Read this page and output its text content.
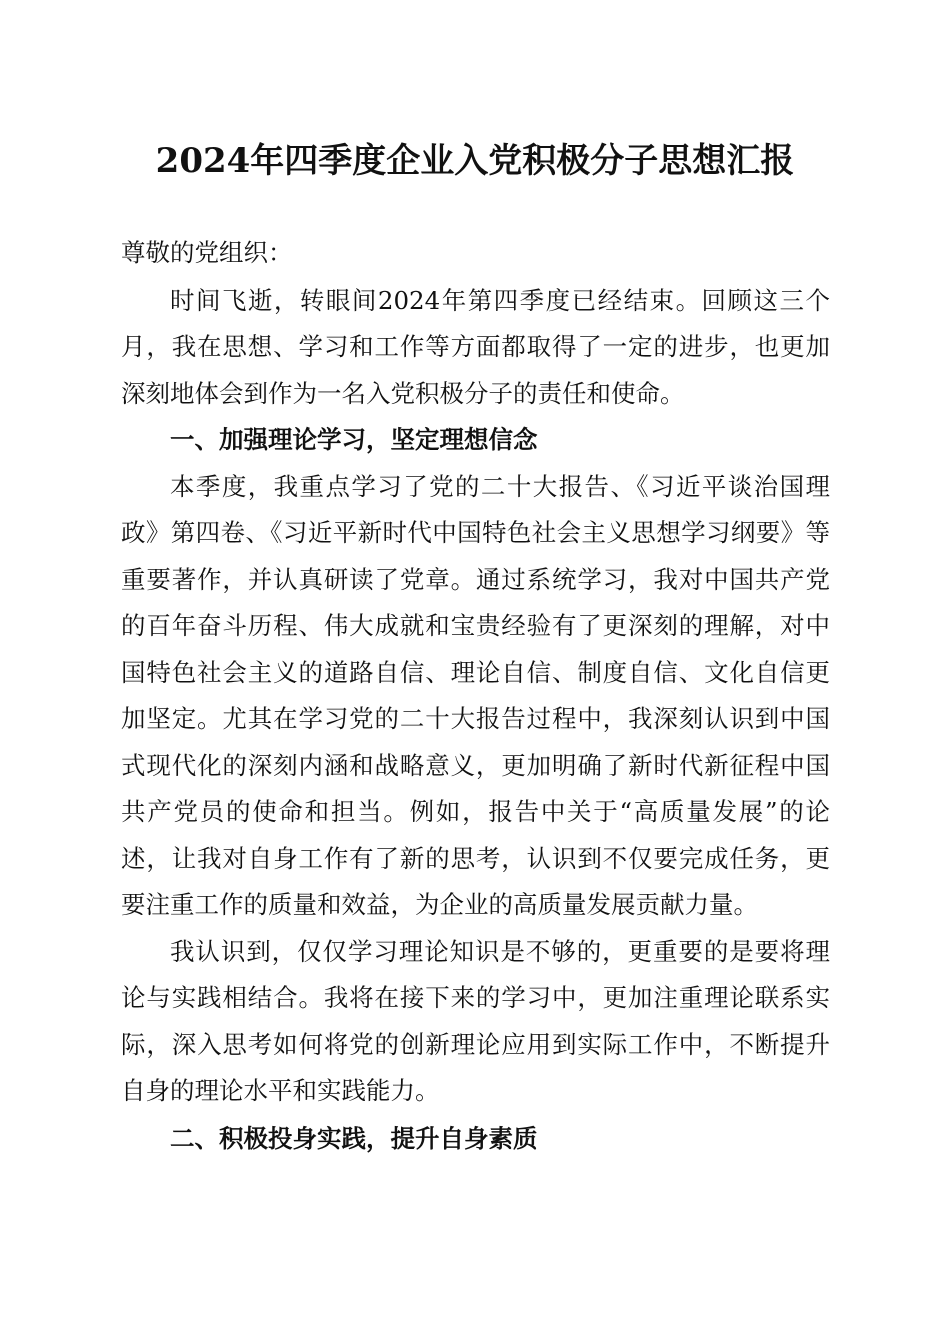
2024年四季度企业入党积极分子思想汇报

尊敬的党组织：

时间飞逝，转眼间2024年第四季度已经结束。回顾这三个月，我在思想、学习和工作等方面都取得了一定的进步，也更加深刻地体会到作为一名入党积极分子的责任和使命。

一、加强理论学习，坚定理想信念

本季度，我重点学习了党的二十大报告、《习近平谈治国理政》第四卷、《习近平新时代中国特色社会主义思想学习纲要》等重要著作，并认真研读了党章。通过系统学习，我对中国共产党的百年奋斗历程、伟大成就和宝贵经验有了更深刻的理解，对中国特色社会主义的道路自信、理论自信、制度自信、文化自信更加坚定。尤其在学习党的二十大报告过程中，我深刻认识到中国式现代化的深刻内涵和战略意义，更加明确了新时代新征程中国共产党员的使命和担当。例如，报告中关于“高质量发展”的论述，让我对自身工作有了新的思考，认识到不仅要完成任务，更要注重工作的质量和效益，为企业的高质量发展贡献力量。

我认识到，仅仅学习理论知识是不够的，更重要的是要将理论与实践相结合。我将在接下来的学习中，更加注重理论联系实际，深入思考如何将党的创新理论应用到实际工作中，不断提升自身的理论水平和实践能力。

二、积极投身实践，提升自身素质
